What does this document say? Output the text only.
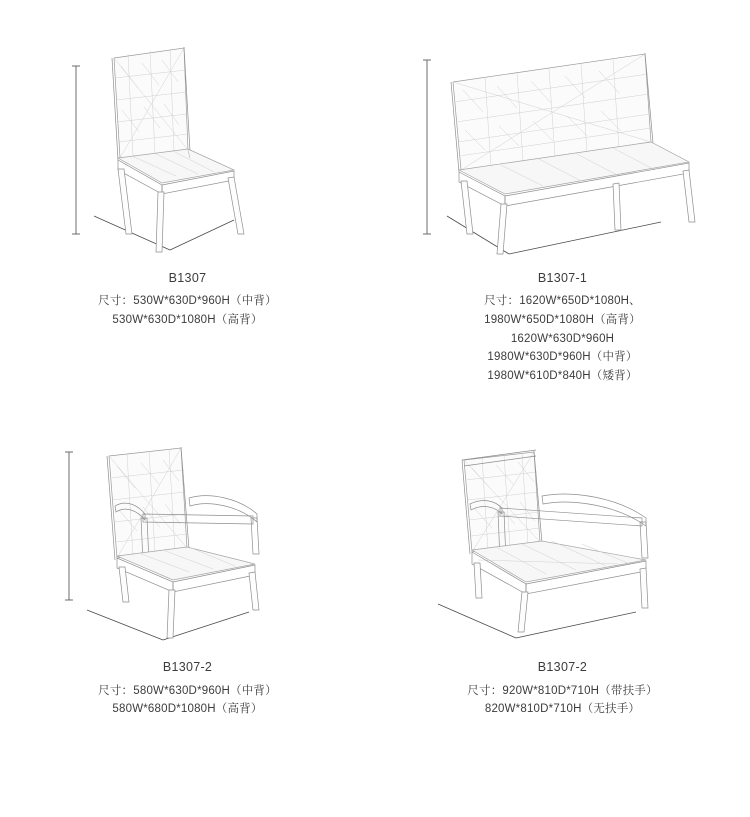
B1307
尺寸：530W*630D*960H（中背）
530W*630D*1080H（高背）
B1307-1
尺寸：1620W*650D*1080H、
1980W*650D*1080H（高背）
1620W*630D*960H
1980W*630D*960H（中背）
1980W*610D*840H（矮背）
B1307-2
尺寸：580W*630D*960H（中背）
580W*680D*1080H（高背）
B1307-2
尺寸：920W*810D*710H（带扶手）
820W*810D*710H（无扶手）
